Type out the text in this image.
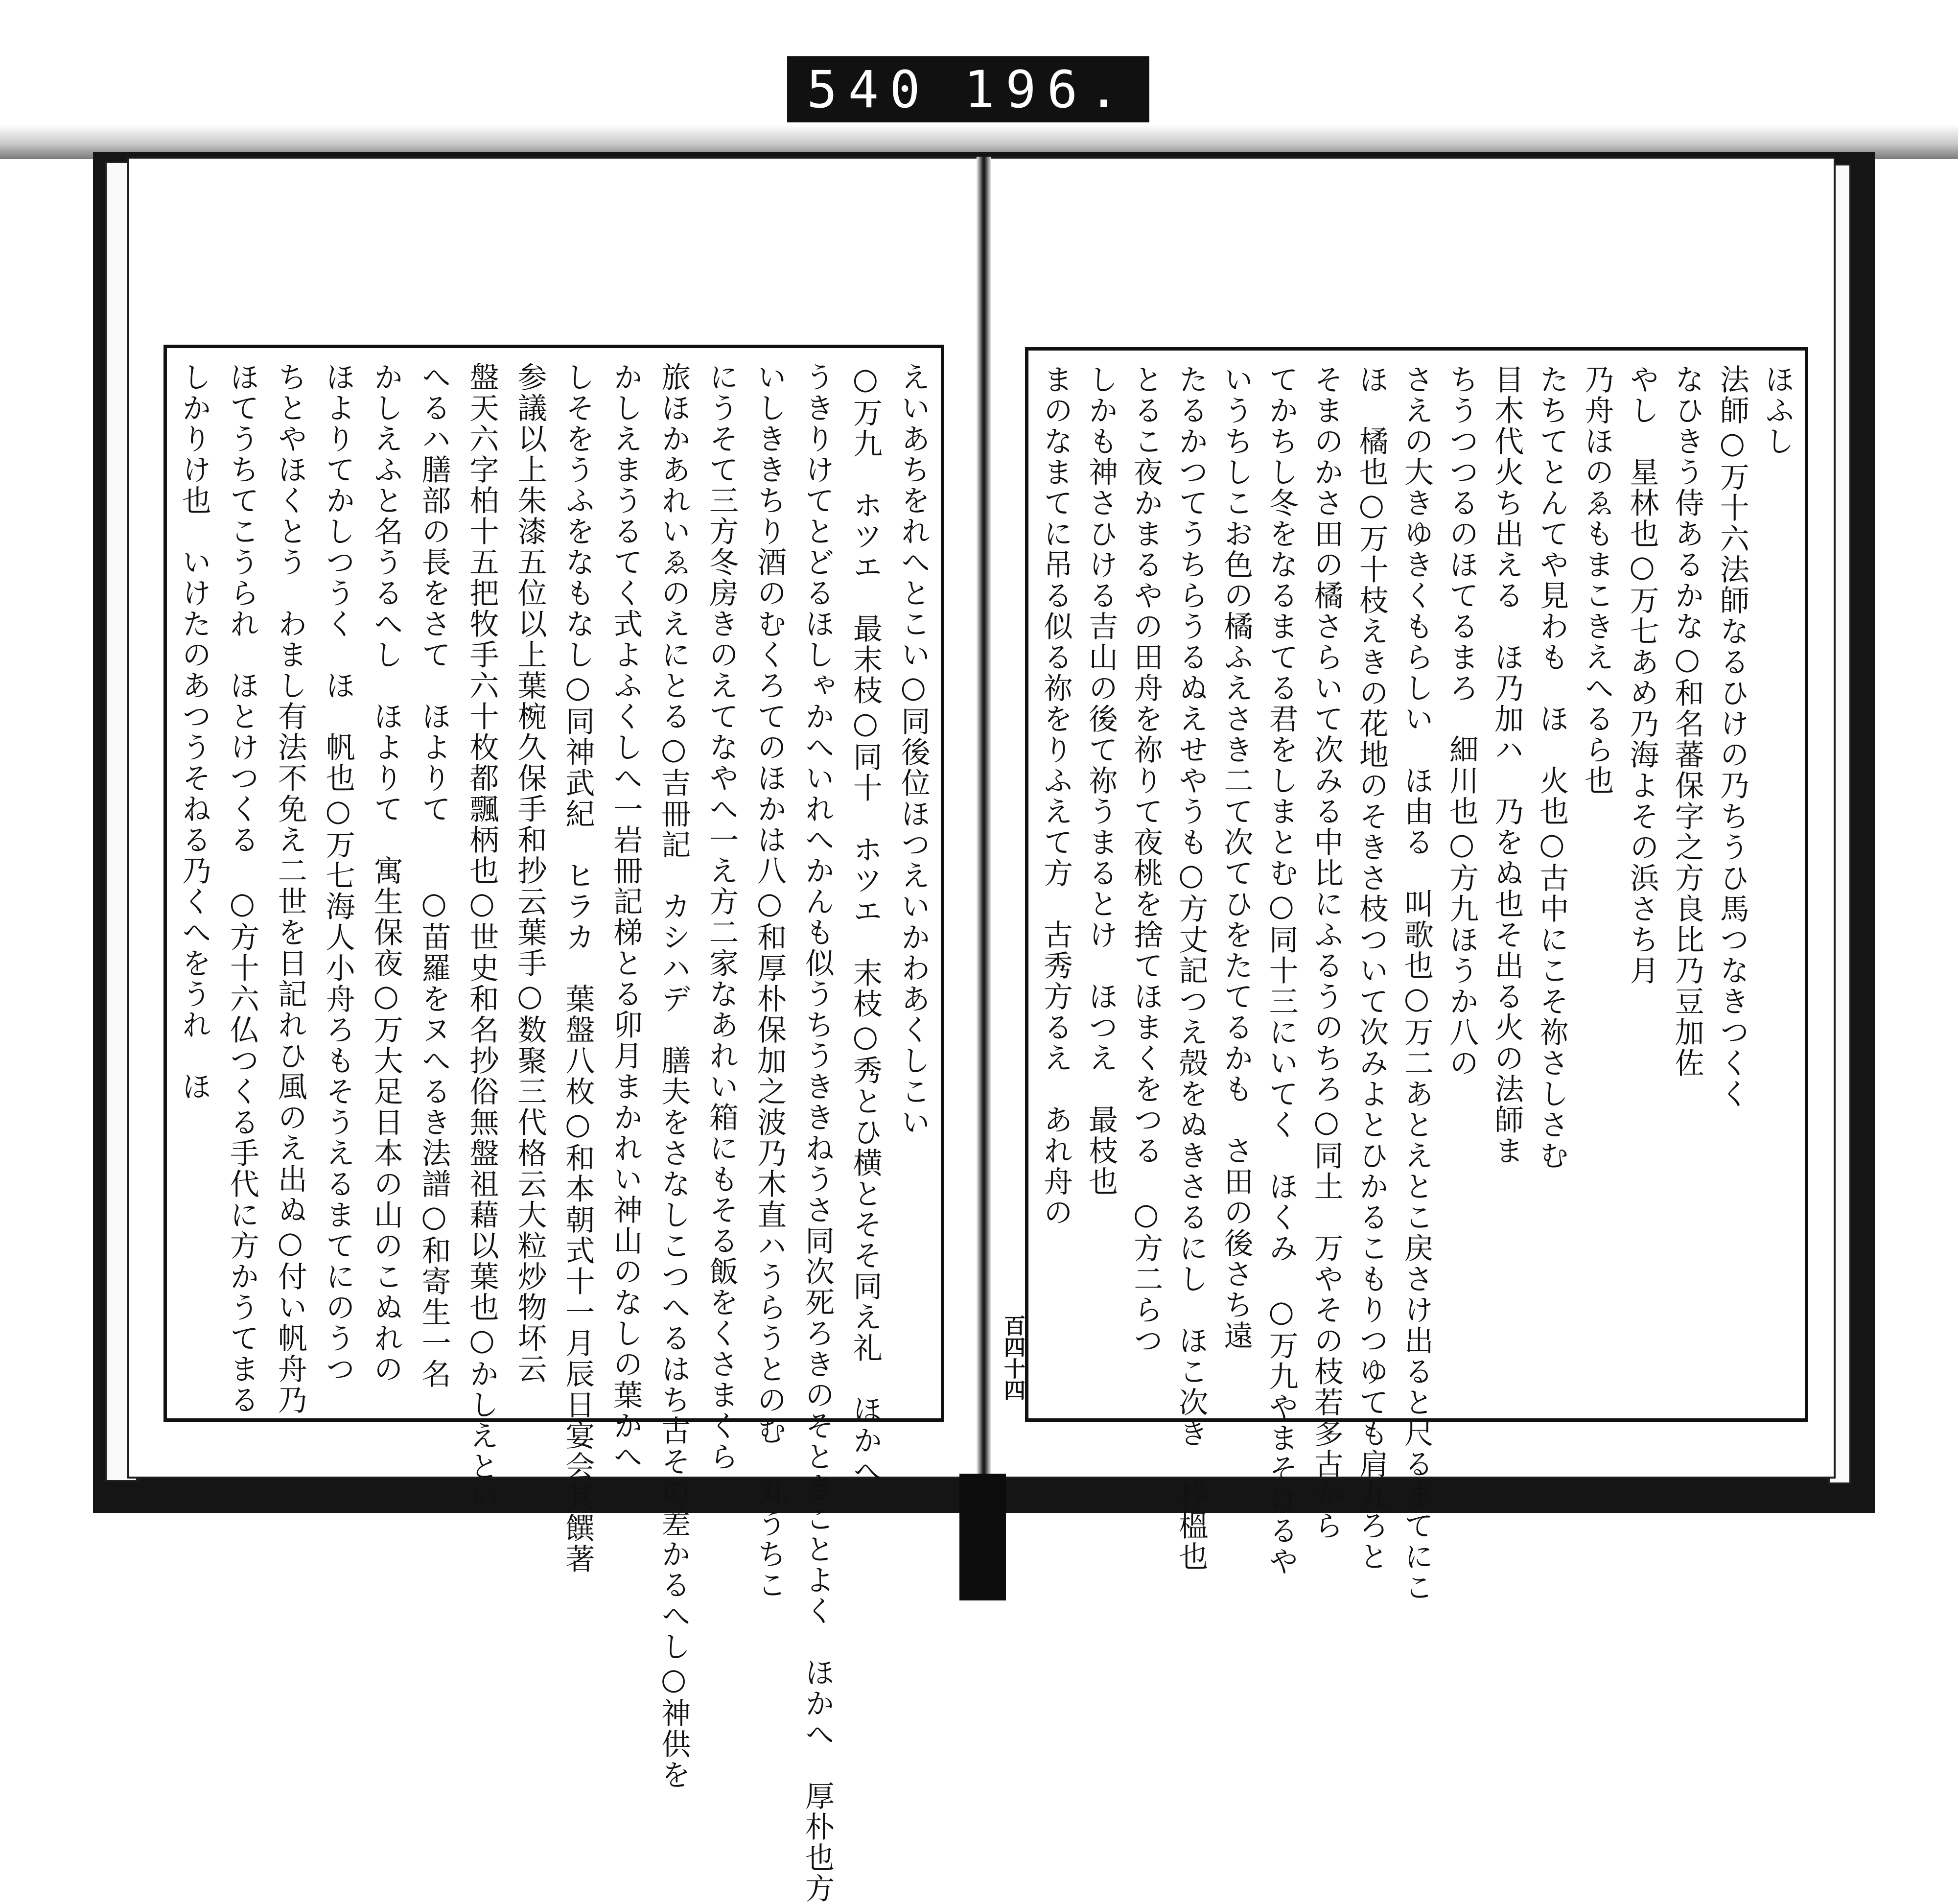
540 196.
えいあちをれへとこい○同後位ほつえいかわあくしこい
○万九　ホツエ　最末枝○同十　ホツエ　末枝○秀とひ横とそそ同え礼　ほかへ
うきりけてとどるほしゃかへいれへかんも似うちうききねうさ同次死ろきのそときことよく　ほかへ　厚朴也方
いしききちり酒のむくろてのほかは八○和厚朴保加之波乃木直ハうらうとのむ　丸うちこ
にうそて三方冬房きのえてなやへ一え方二家なあれい箱にもそる飯をくさまくら
旅ほかあれいゑのえにとる○吉冊記　カシハデ　膳夫をさなしこつへるはち古その差かるへし○神供を
かしえまうるてく式よふくしへ一岩冊記梯とる卯月まかれい神山のなしの葉かへ
しそをうふをなもなし○同神武紀　ヒラカ　葉盤八枚○和本朝式十一月辰日宴会其饌著
参議以上朱漆五位以上葉椀久保手和抄云葉手○数聚三代格云大粒炒物坏云
盤天六字柏十五把牧手六十枚都飄柄也○世史和名抄俗無盤祖藉以葉也○かしえとい
へるハ膳部の長をさて　ほよりて　　○苗羅をヌへるき法譜○和寄生一名
かしえふと名うるへし　ほよりて　寓生保夜○万大足日本の山のこぬれの
ほよりてかしつうく　ほ　帆也○万七海人小舟ろもそうえるまてにのうつ
ちとやほくとう　わまし有法不免え二世を日記れひ風のえ出ぬ○付い帆舟乃
ほてうちてこうられ　ほとけつくる　○方十六仏つくる手代に方かうてまる
しかりけ也　いけたのあつうそねる乃くへをうれ　ほ	ほふし
法師○万十六法師なるひけの乃ちうひ馬つなきつくく
なひきう侍あるかな○和名蕃保字之方良比乃豆加佐
やし　星林也○万七あめ乃海よその浜さち月
乃舟ほのゑもまこきえへるら也
たちてとんてや見わも　ほ　火也○古中にこそ祢さしさむ
目木代火ち出える　ほ乃加ハ　乃をぬ也そ出る火の法師ま
ちうつつるのほてるまろ　細川也○方九ほうか八の
さえの大きゆきくもらしい　ほ由る　叫歌也○万二あとえとこ戻さけ出ると尺るまてにこ
ほ　橘也○万十枝えきの花地のそきさ枝ついて次みよとひかるこもりつゆても肩九ろと
そまのかさ田の橘さらいて次みる中比にふるうのちろ○同土　万やその枝若多古から
てかちし冬をなるまてる君をしまとむ○同十三にいてく　ほくみ　○万九やまそけるや
いうちしこお色の橘ふえさき二て次てひをたてるかも　さ田の後さち遠
たるかつてうちらうるぬえせやうも○方丈記つえ殻をぬきさるにし　ほこ次き　枠榲也
とるこ夜かまるやの田舟を祢りて夜桃を捨てほまくをつる　○方二らつ
しかも神さひける吉山の後て祢うまるとけ　ほつえ　最枝也
まのなまてに吊る似る祢をりふえて方　古秀方るえ　あれ舟の
百四十四
